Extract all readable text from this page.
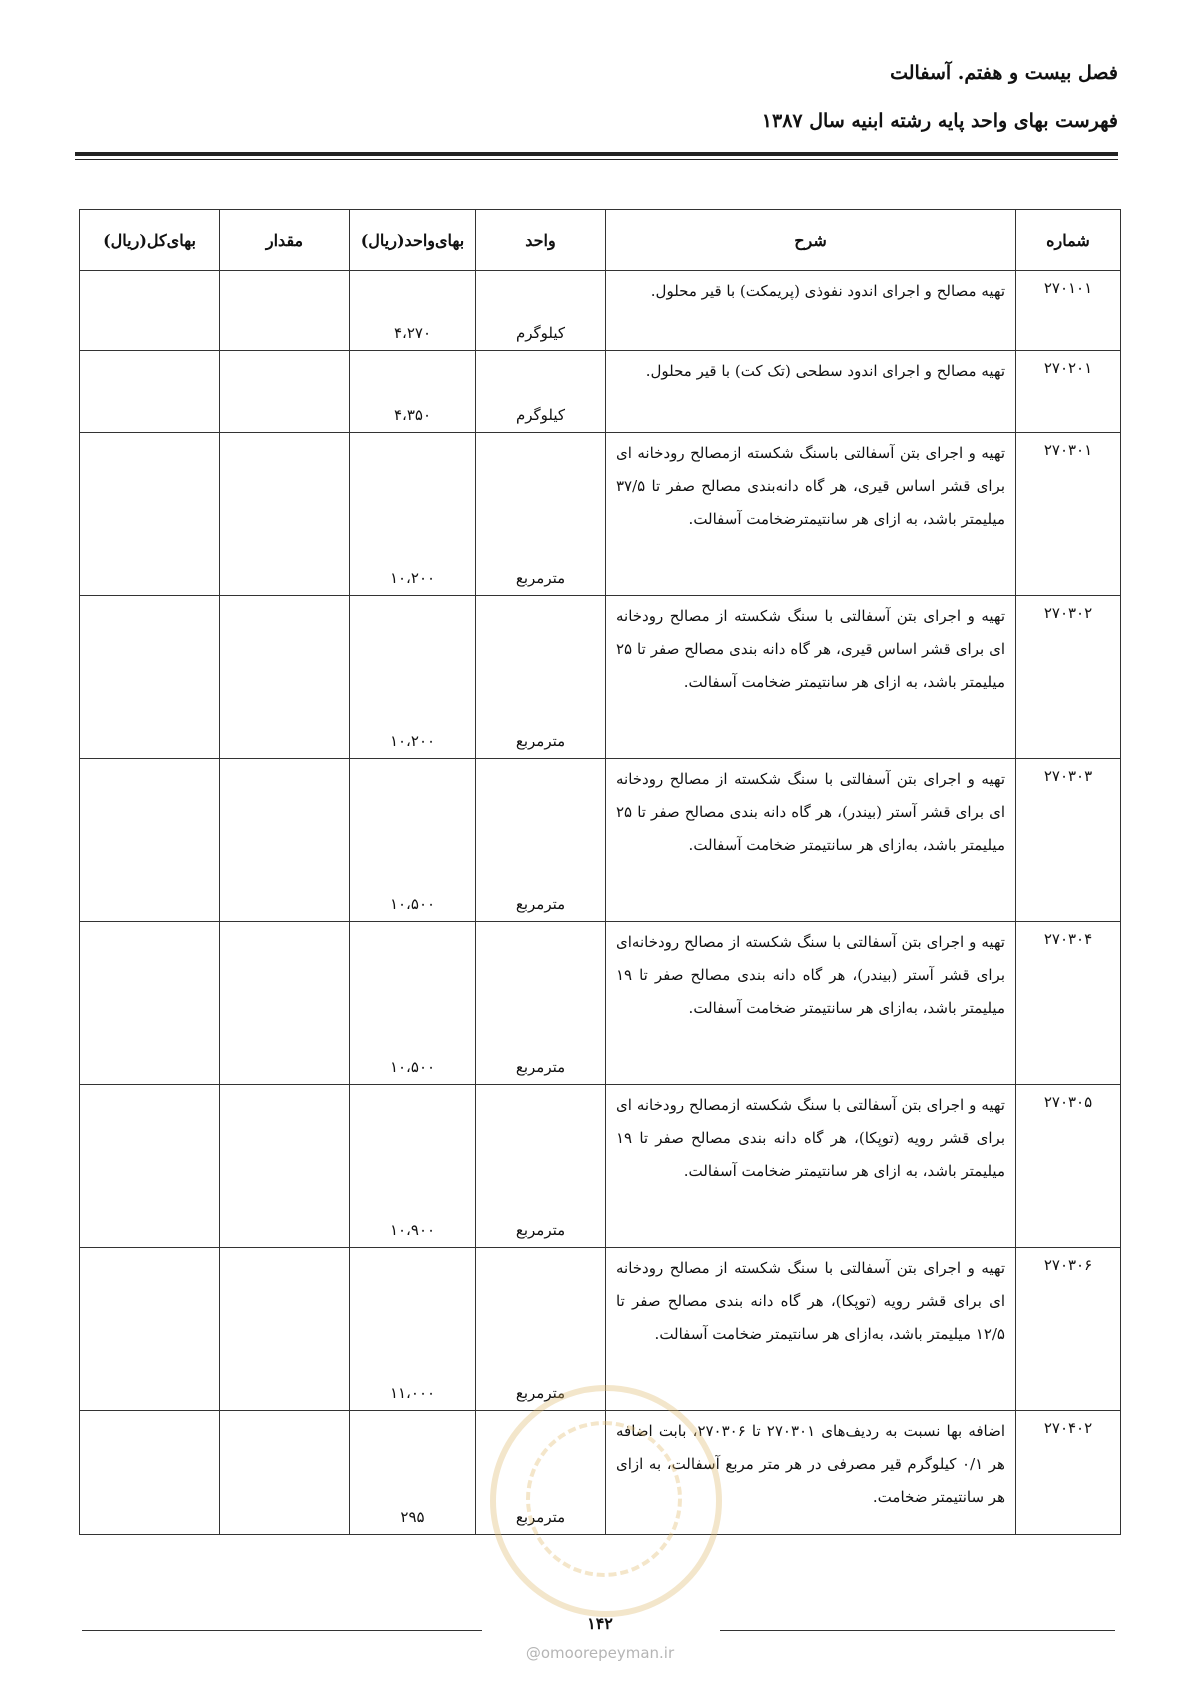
فصل بیست و هفتم. آسفالت
فهرست بهای واحد پایه رشته ابنیه سال ۱۳۸۷
شماره	شرح	واحد	بهای‌واحد(ریال)	مقدار	بهای‌کل(ریال)
۲۷۰۱۰۱	تهیه مصالح و اجرای اندود نفوذی (پریمکت) با قیر محلول.	کیلوگرم	۴،۲۷۰		
۲۷۰۲۰۱	تهیه مصالح و اجرای اندود سطحی (تک کت) با قیر محلول.	کیلوگرم	۴،۳۵۰		
۲۷۰۳۰۱	تهیه و اجرای بتن آسفالتی باسنگ شکسته ازمصالح رودخانه ای برای قشر اساس قیری، هر گاه دانه‌بندی مصالح صفر تا ۳۷/۵ میلیمتر باشد، به ازای هر سانتیمترضخامت آسفالت.	مترمربع	۱۰،۲۰۰		
۲۷۰۳۰۲	تهیه و اجرای بتن آسفالتی با سنگ شکسته از مصالح رودخانه ای برای قشر اساس قیری، هر گاه دانه بندی مصالح صفر تا ۲۵ میلیمتر باشد، به ازای هر سانتیمتر ضخامت آسفالت.	مترمربع	۱۰،۲۰۰		
۲۷۰۳۰۳	تهیه و اجرای بتن آسفالتی با سنگ شکسته از مصالح رودخانه ای برای قشر آستر (بیندر)، هر گاه دانه بندی مصالح صفر تا ۲۵ میلیمتر باشد، به‌ازای هر سانتیمتر ضخامت آسفالت.	مترمربع	۱۰،۵۰۰		
۲۷۰۳۰۴	تهیه و اجرای بتن آسفالتی با سنگ شکسته از مصالح رودخانه‌ای برای قشر آستر (بیندر)، هر گاه دانه بندی مصالح صفر تا ۱۹ میلیمتر باشد، به‌ازای هر سانتیمتر ضخامت آسفالت.	مترمربع	۱۰،۵۰۰		
۲۷۰۳۰۵	تهیه و اجرای بتن آسفالتی با سنگ شکسته ازمصالح رودخانه ای برای قشر رویه (توپکا)، هر گاه دانه بندی مصالح صفر تا ۱۹ میلیمتر باشد، به ازای هر سانتیمتر ضخامت آسفالت.	مترمربع	۱۰،۹۰۰		
۲۷۰۳۰۶	تهیه و اجرای بتن آسفالتی با سنگ شکسته از مصالح رودخانه ای برای قشر رویه (توپکا)، هر گاه دانه بندی مصالح صفر تا ۱۲/۵ میلیمتر باشد، به‌ازای هر سانتیمتر ضخامت آسفالت.	مترمربع	۱۱،۰۰۰		
۲۷۰۴۰۲	اضافه بها نسبت به ردیف‌های ۲۷۰۳۰۱ تا ۲۷۰۳۰۶، بابت اضافه هر ۰/۱ کیلوگرم قیر مصرفی در هر متر مربع آسفالت، به ازای هر سانتیمتر ضخامت.	مترمربع	۲۹۵		
۱۴۲
@omoorepeyman.ir
